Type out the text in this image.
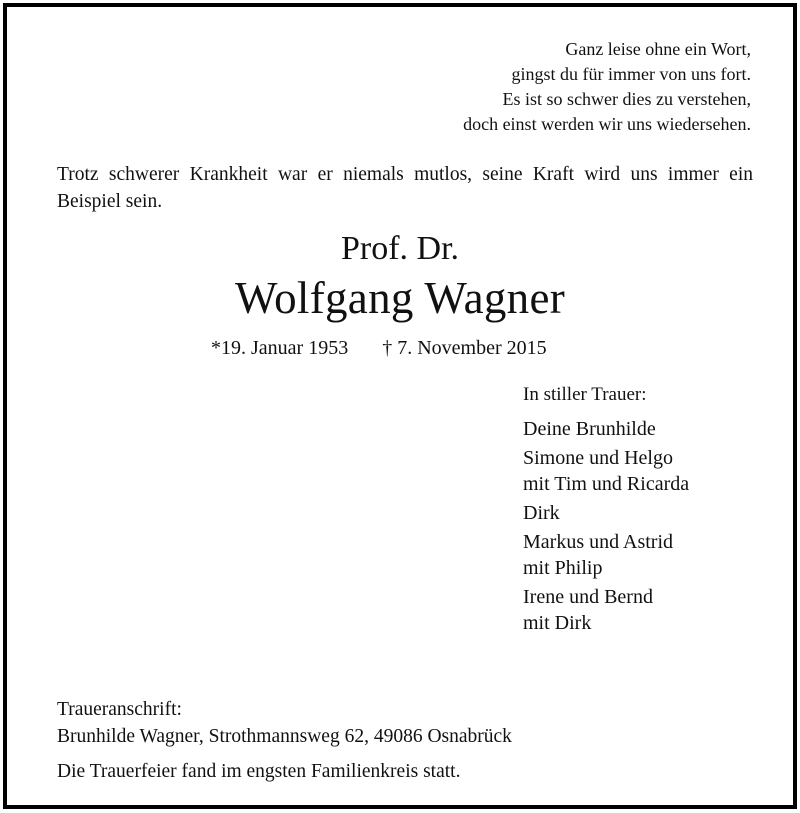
Ganz leise ohne ein Wort,
gingst du für immer von uns fort.
Es ist so schwer dies zu verstehen,
doch einst werden wir uns wiedersehen.
Trotz schwerer Krankheit war er niemals mutlos, seine Kraft wird uns immer ein Beispiel sein.
Prof. Dr.
Wolfgang Wagner
*19. Januar 1953 † 7. November 2015
In stiller Trauer:
Deine Brunhilde
Simone und Helgo
mit Tim und Ricarda
Dirk
Markus und Astrid
mit Philip
Irene und Bernd
mit Dirk
Traueranschrift:
Brunhilde Wagner, Strothmannsweg 62, 49086 Osnabrück
Die Trauerfeier fand im engsten Familienkreis statt.
